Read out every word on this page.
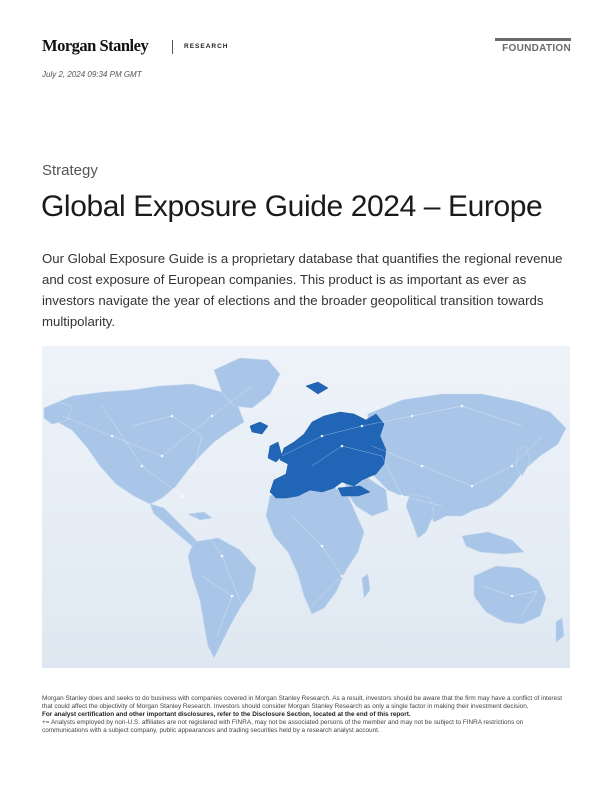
Morgan Stanley	RESEARCH	FOUNDATION
July 2, 2024 09:34 PM GMT
Strategy
Global Exposure Guide 2024 – Europe
Our Global Exposure Guide is a proprietary database that quantifies the regional revenue and cost exposure of European companies. This product is as important as ever as investors navigate the year of elections and the broader geopolitical transition towards multipolarity.

Morgan Stanley does and seeks to do business with companies covered in Morgan Stanley Research. As a result, investors should be aware that the firm may have a conflict of interest that could affect the objectivity of Morgan Stanley Research. Investors should consider Morgan Stanley Research as only a single factor in making their investment decision.

For analyst certification and other important disclosures, refer to the Disclosure Section, located at the end of this report.

+= Analysts employed by non-U.S. affiliates are not registered with FINRA, may not be associated persons of the member and may not be subject to FINRA restrictions on communications with a subject company, public appearances and trading securities held by a research analyst account.
